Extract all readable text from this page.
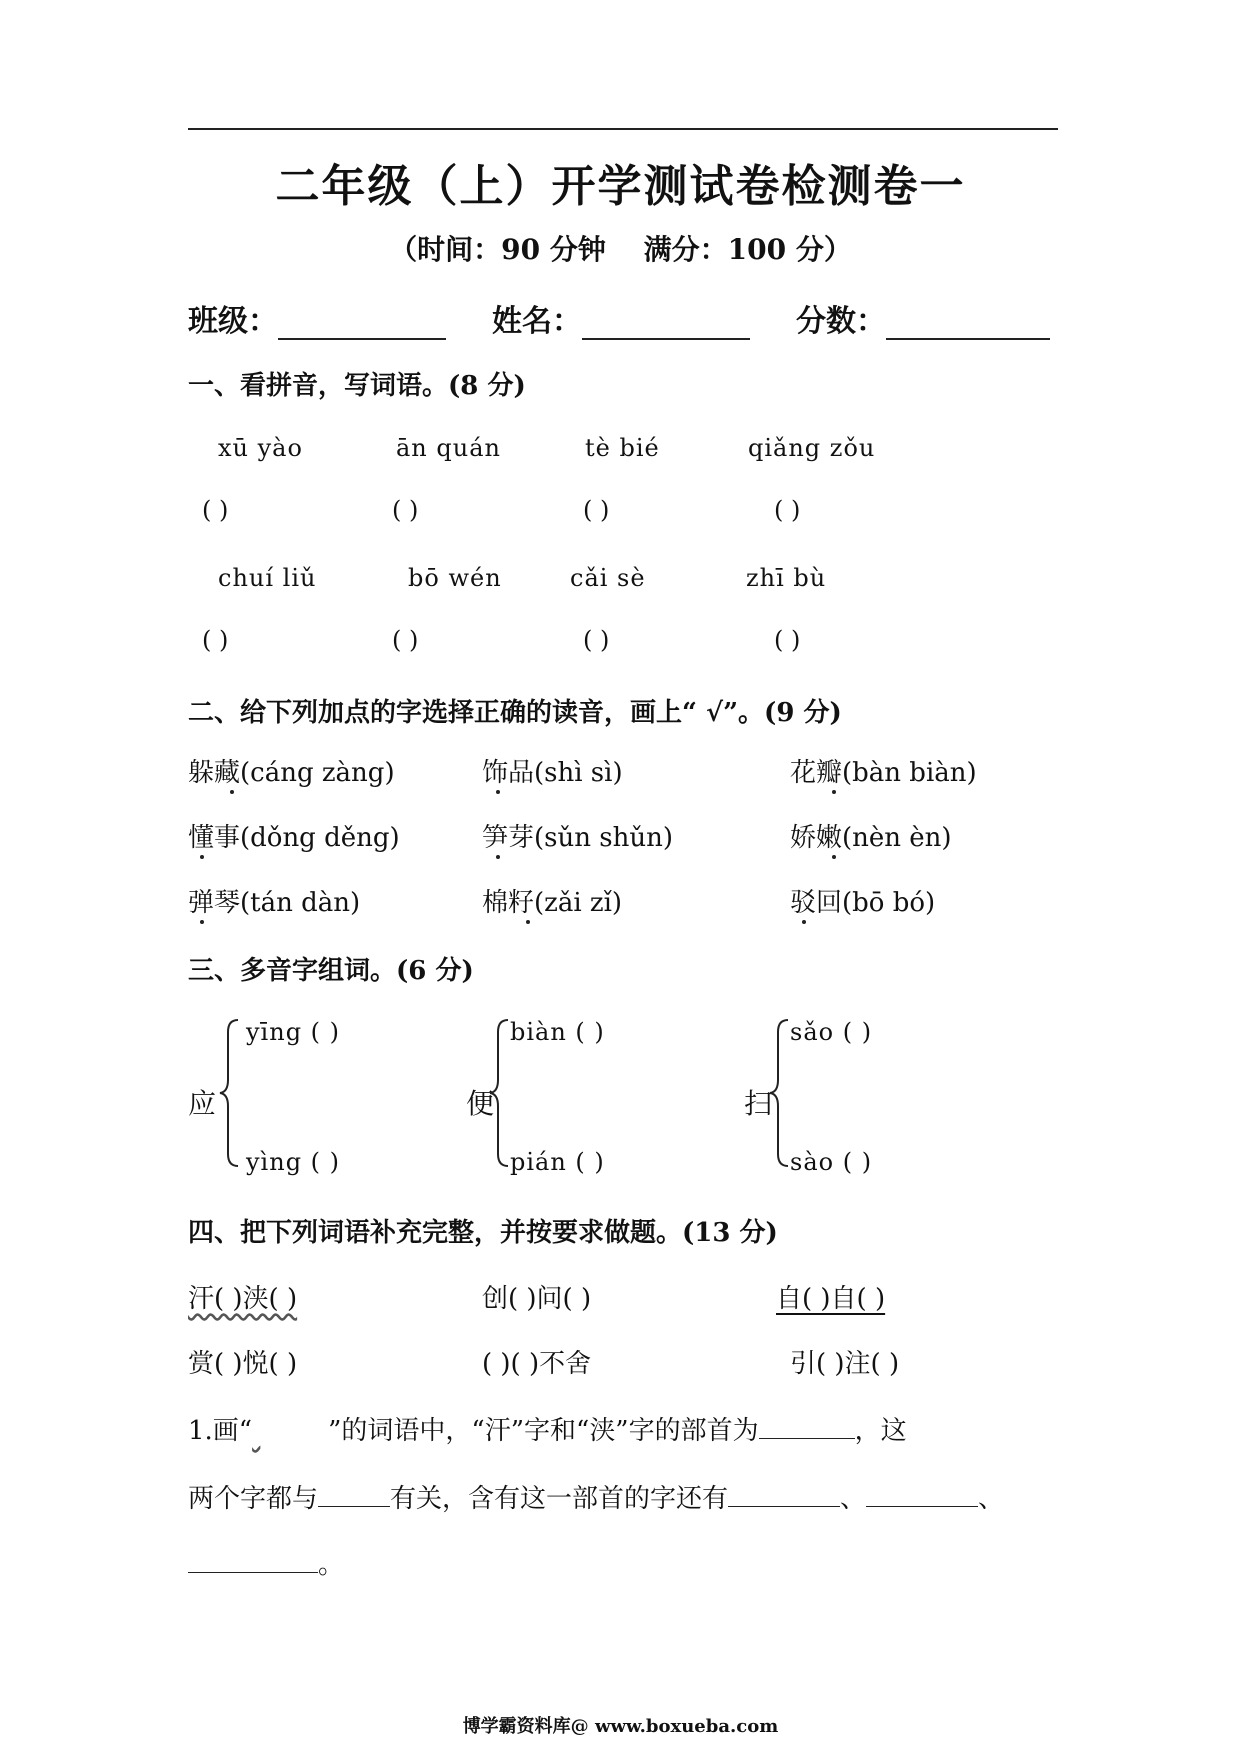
二年级（上）开学测试卷检测卷一
（时间：90 分钟 满分：100 分）
班级：	姓名：	分数：
一、看拼音，写词语。(8 分)
xū yào	ān quán	tè bié	qiǎng zǒu
( )	( )	( )	( )
chuí liǔ	bō wén	cǎi sè	zhī bù
( )	( )	( )	( )
二、给下列加点的字选择正确的读音，画上“ √”。(9 分)
躲藏(cáng zàng)	饰品(shì sì)	花瓣(bàn biàn)
懂事(dǒng děng)	笋芽(sǔn shǔn)	娇嫩(nèn èn)
弹琴(tán dàn)	棉籽(zǎi zǐ)	驳回(bō bó)
三、多音字组词。(6 分)
应
yīng ( )
yìng ( )
便
biàn ( )
pián ( )
扫
sǎo ( )
sào ( )
四、把下列词语补充完整，并按要求做题。(13 分)
汗( )浃( )	创( )问( )	自( )自( )
赏( )悦( )	( )( )不舍	引( )注( )
1.画“	”的词语中，“汗”字和“浃”字的部首为	，这
两个字都与	有关，含有这一部首的字还有	、	、
。
博学霸资料库@ www.boxueba.com
